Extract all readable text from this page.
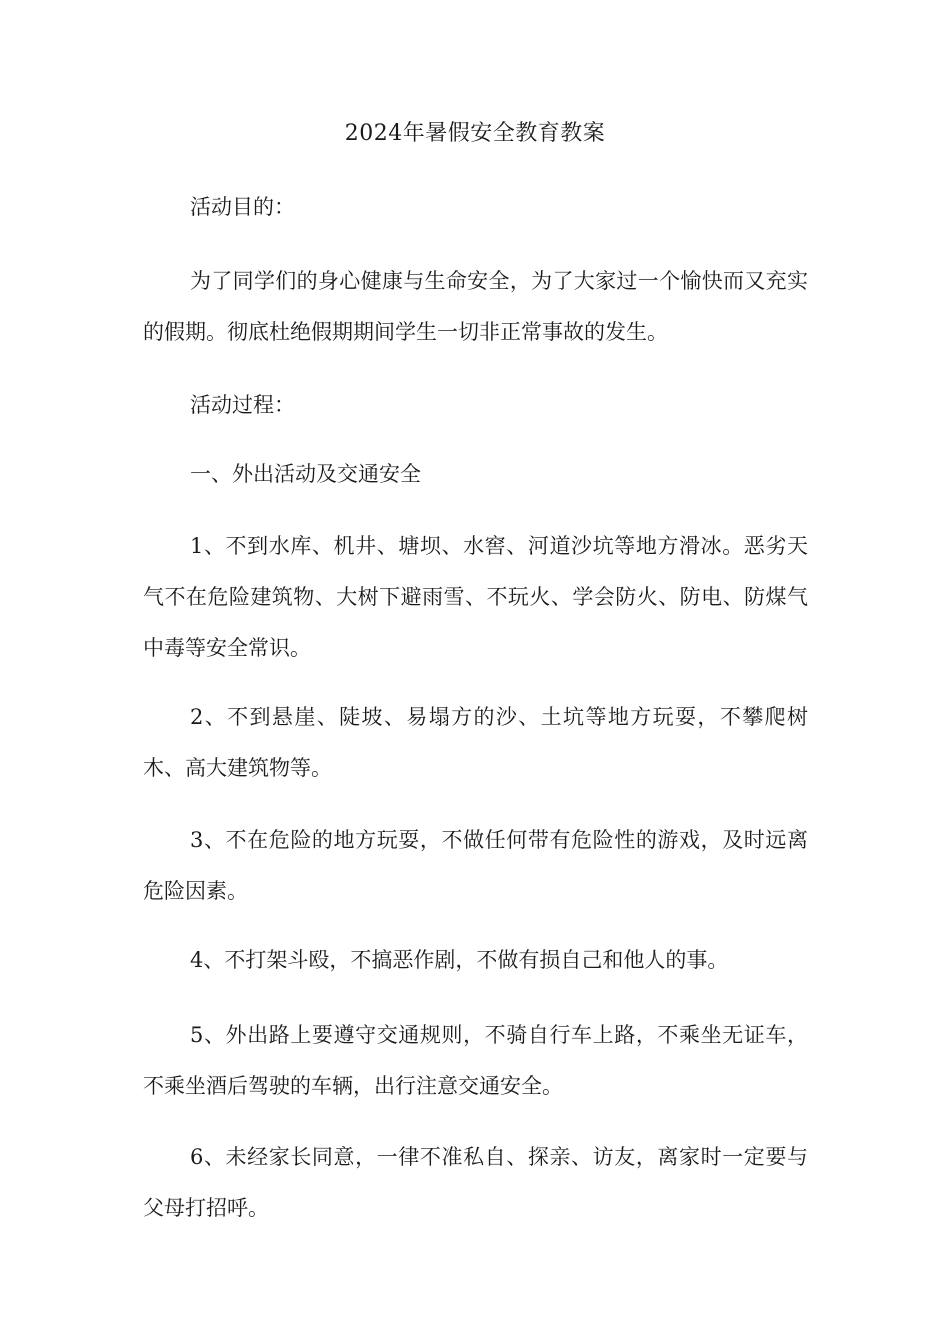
2024年暑假安全教育教案

活动目的：

为了同学们的身心健康与生命安全，为了大家过一个愉快而又充实的假期。彻底杜绝假期期间学生一切非正常事故的发生。

活动过程：

一、外出活动及交通安全

1、不到水库、机井、塘坝、水窖、河道沙坑等地方滑冰。恶劣天气不在危险建筑物、大树下避雨雪、不玩火、学会防火、防电、防煤气中毒等安全常识。

2、不到悬崖、陡坡、易塌方的沙、土坑等地方玩耍，不攀爬树木、高大建筑物等。

3、不在危险的地方玩耍，不做任何带有危险性的游戏，及时远离危险因素。

4、不打架斗殴，不搞恶作剧，不做有损自己和他人的事。

5、外出路上要遵守交通规则，不骑自行车上路，不乘坐无证车，不乘坐酒后驾驶的车辆，出行注意交通安全。

6、未经家长同意，一律不准私自、探亲、访友，离家时一定要与父母打招呼。
